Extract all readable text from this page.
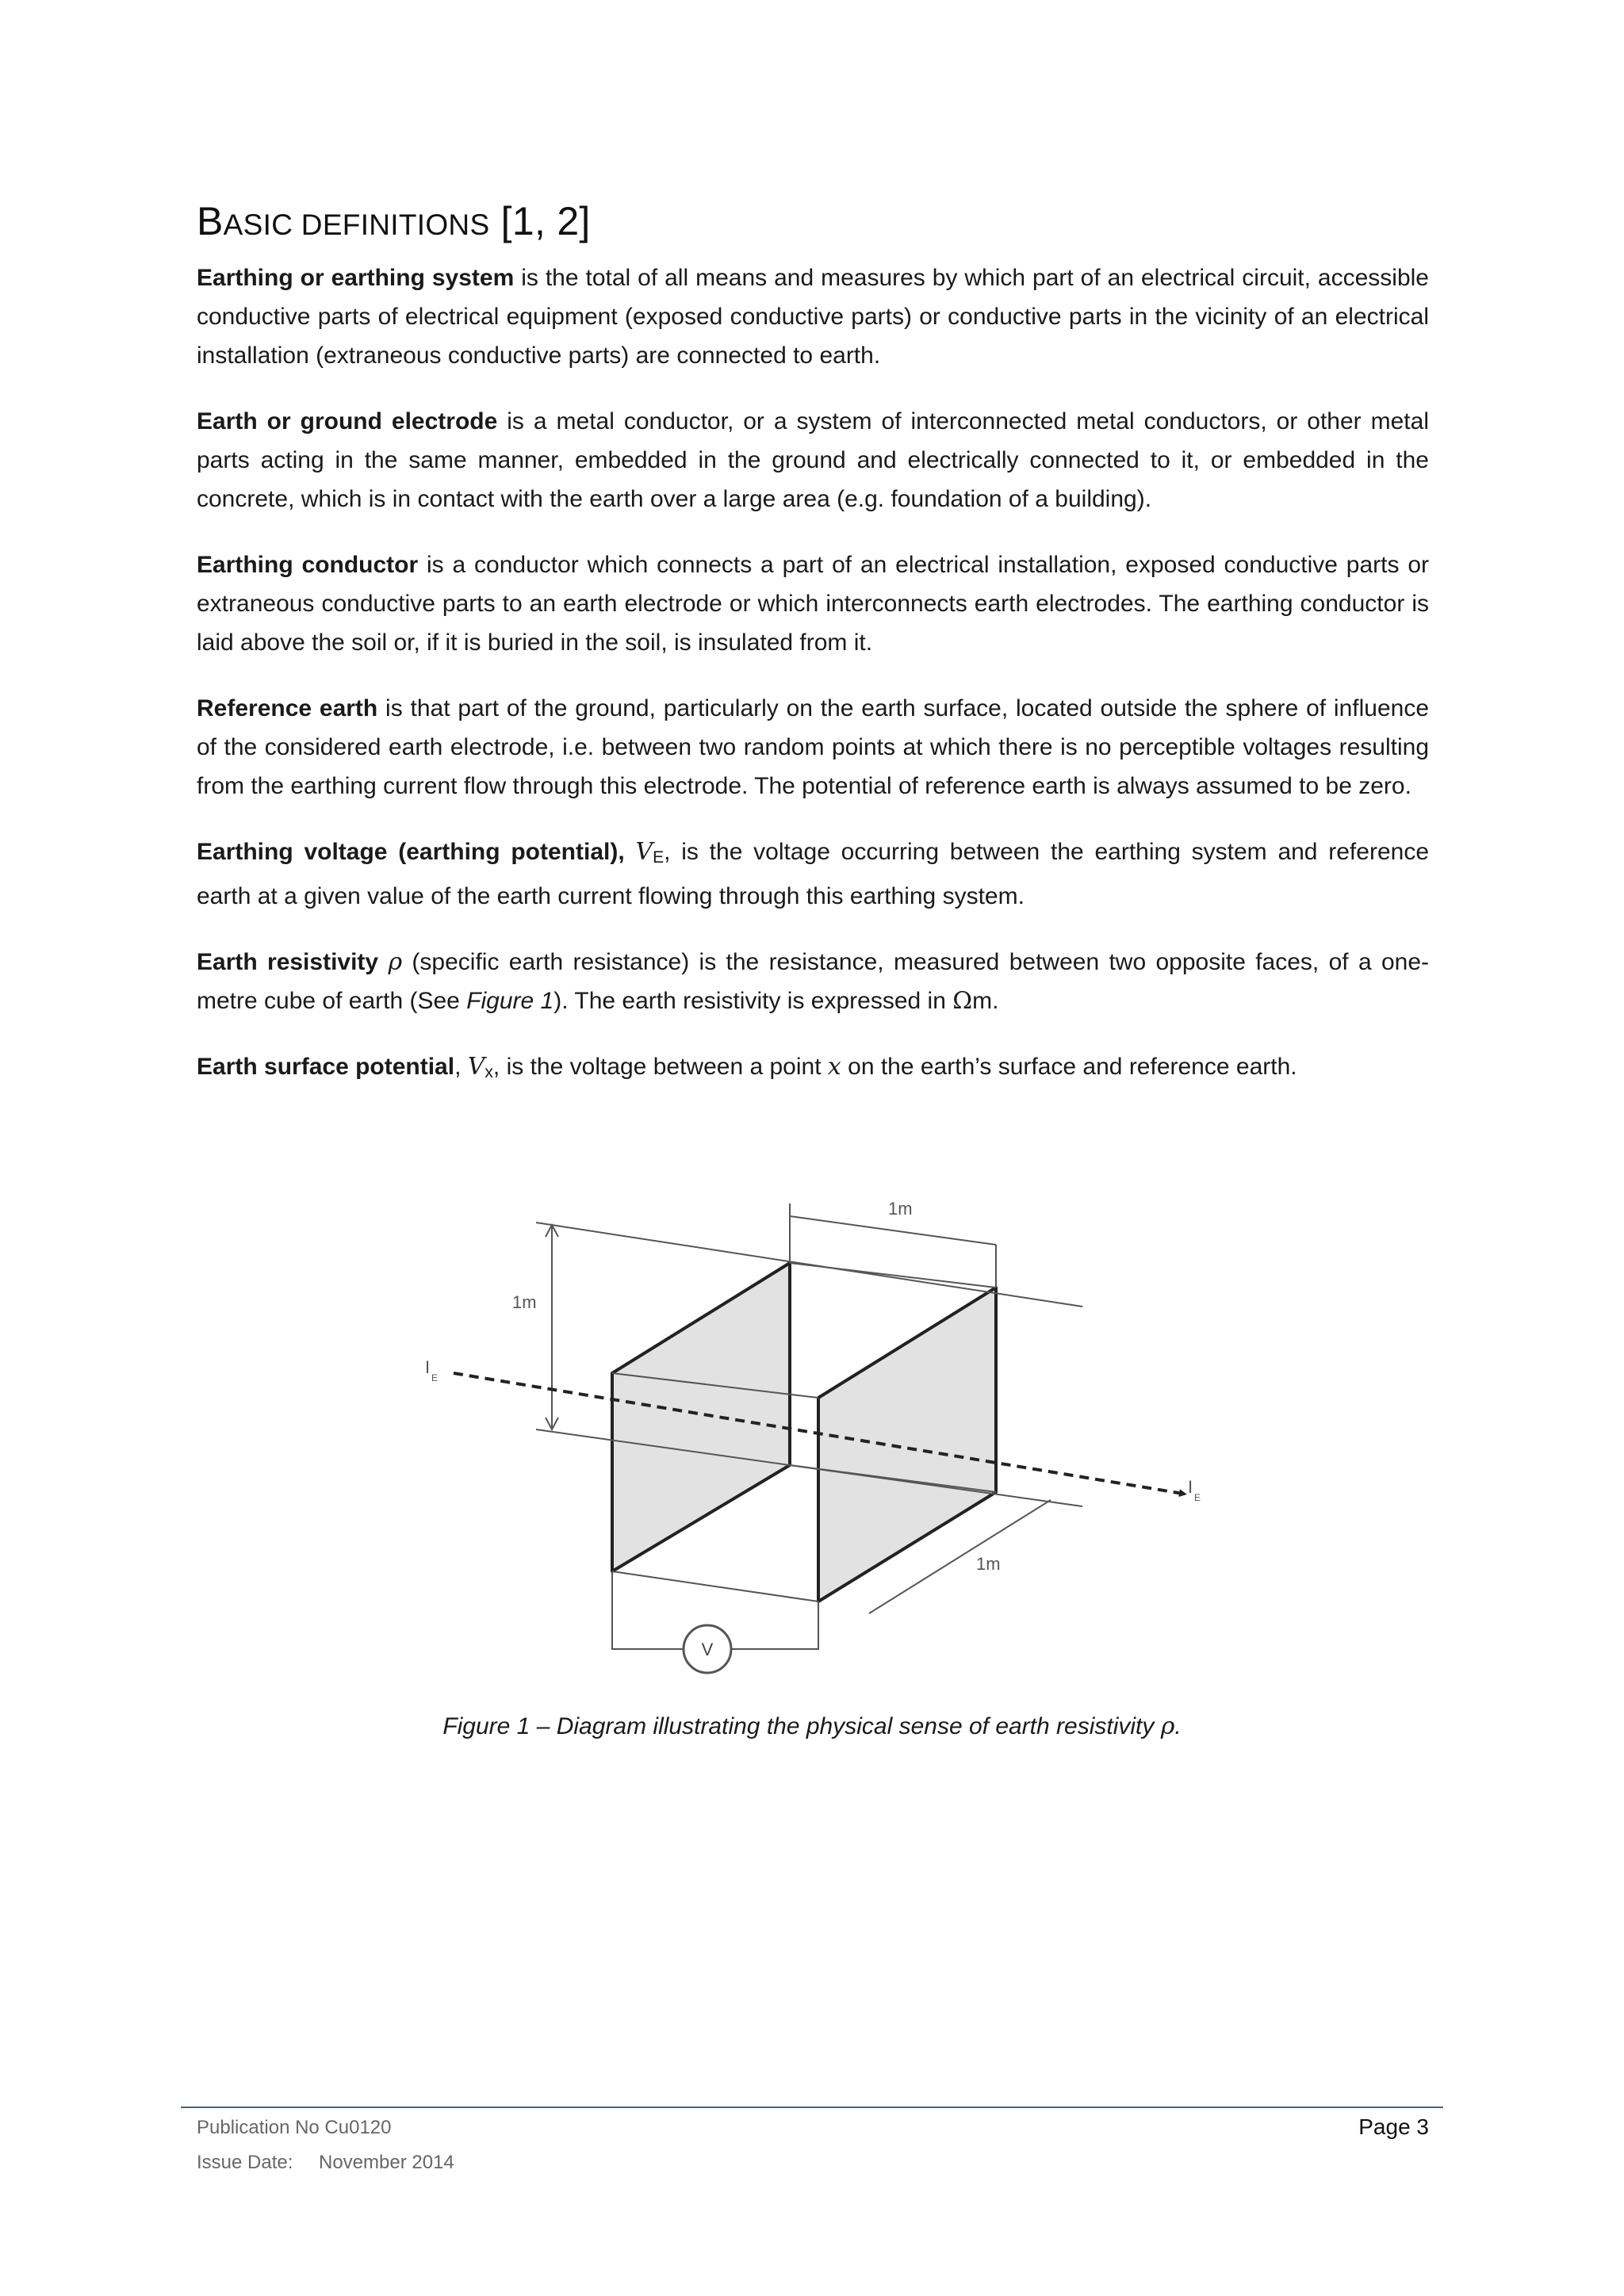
BASIC DEFINITIONS [1, 2]

Earthing or earthing system is the total of all means and measures by which part of an electrical circuit, accessible conductive parts of electrical equipment (exposed conductive parts) or conductive parts in the vicinity of an electrical installation (extraneous conductive parts) are connected to earth.

Earth or ground electrode is a metal conductor, or a system of interconnected metal conductors, or other metal parts acting in the same manner, embedded in the ground and electrically connected to it, or embedded in the concrete, which is in contact with the earth over a large area (e.g. foundation of a building).

Earthing conductor is a conductor which connects a part of an electrical installation, exposed conductive parts or extraneous conductive parts to an earth electrode or which interconnects earth electrodes. The earthing conductor is laid above the soil or, if it is buried in the soil, is insulated from it.

Reference earth is that part of the ground, particularly on the earth surface, located outside the sphere of influence of the considered earth electrode, i.e. between two random points at which there is no perceptible voltages resulting from the earthing current flow through this electrode. The potential of reference earth is always assumed to be zero.

Earthing voltage (earthing potential), VE, is the voltage occurring between the earthing system and reference earth at a given value of the earth current flowing through this earthing system.

Earth resistivity ρ (specific earth resistance) is the resistance, measured between two opposite faces, of a one-metre cube of earth (See Figure 1). The earth resistivity is expressed in Ωm.

Earth surface potential, Vx, is the voltage between a point x on the earth’s surface and reference earth.

1m
1m
1m
I
E
I
E
V
Figure 1 – Diagram illustrating the physical sense of earth resistivity ρ.
Publication No Cu0120
Issue Date: November 2014
Page 3
